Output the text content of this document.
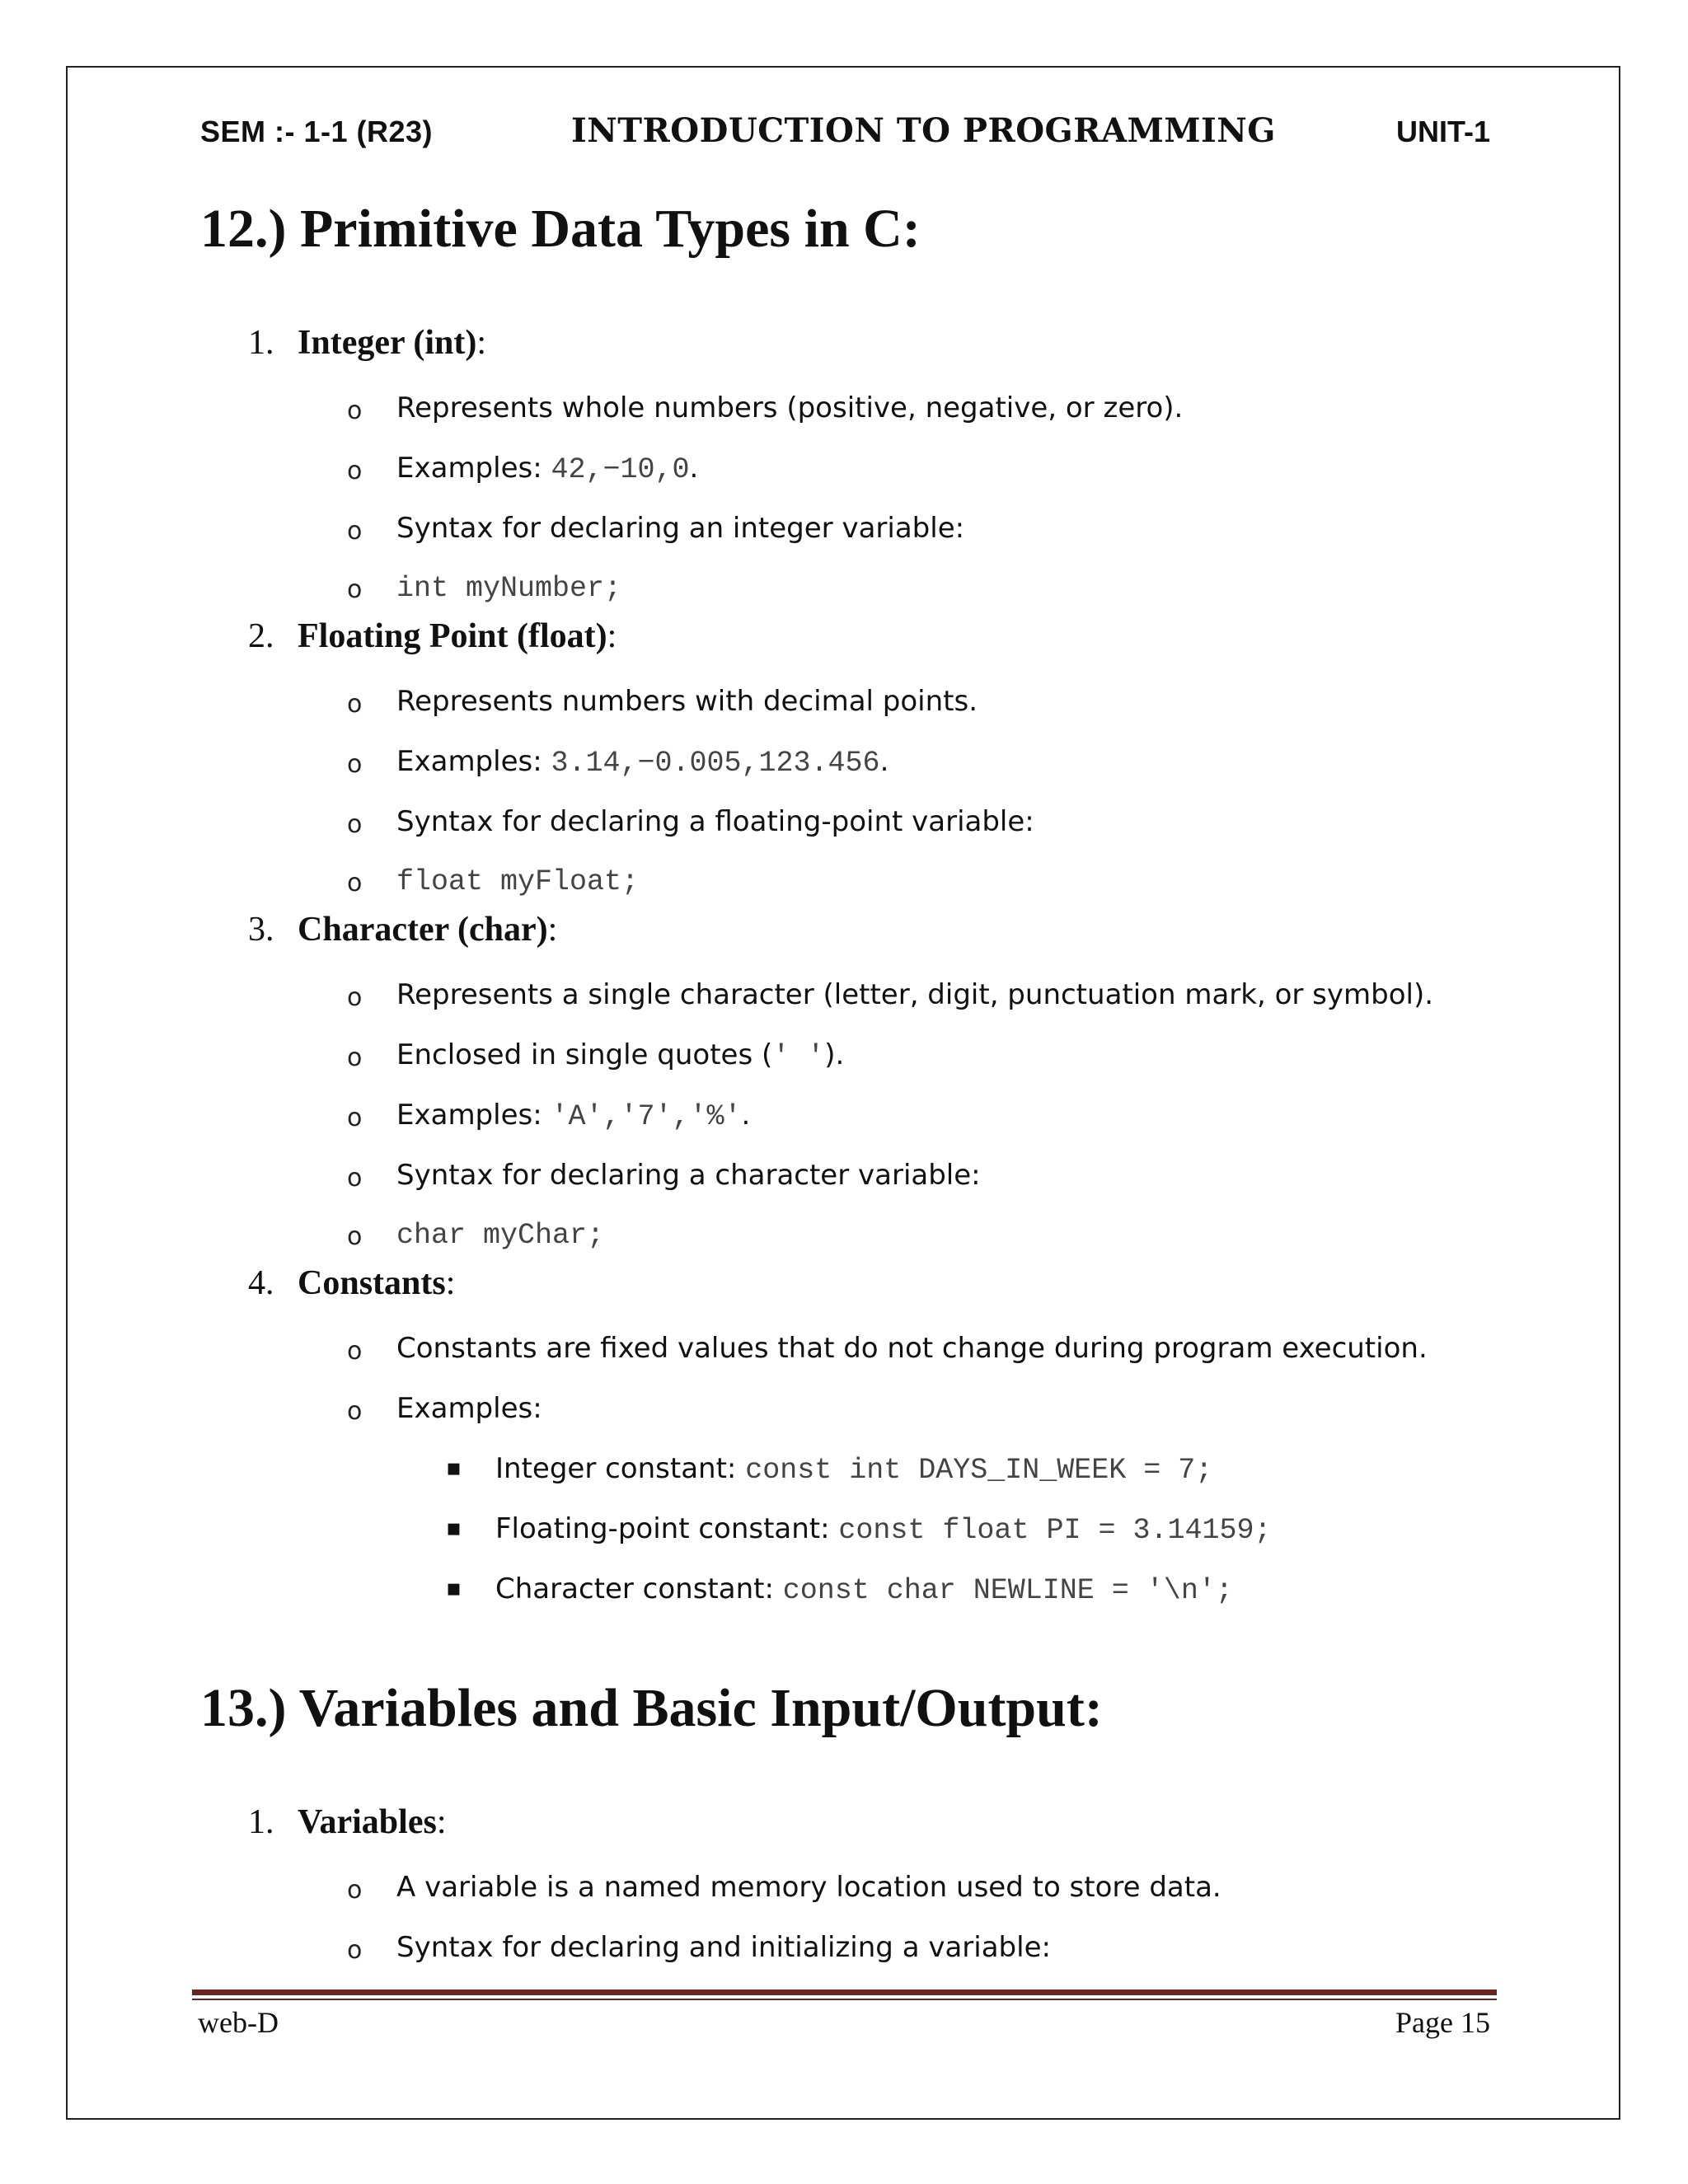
SEM :- 1-1 (R23)	INTRODUCTION TO PROGRAMMING	UNIT-1
12.) Primitive Data Types in C:
1. Integer (int):
o Represents whole numbers (positive, negative, or zero).
o Examples: 42,−10,0.
o Syntax for declaring an integer variable:
o int myNumber;
2. Floating Point (float):
o Represents numbers with decimal points.
o Examples: 3.14,−0.005,123.456.
o Syntax for declaring a floating-point variable:
o float myFloat;
3. Character (char):
o Represents a single character (letter, digit, punctuation mark, or symbol).
o Enclosed in single quotes (' ').
o Examples: 'A','7','%'.
o Syntax for declaring a character variable:
o char myChar;
4. Constants:
o Constants are fixed values that do not change during program execution.
o Examples:
▪ Integer constant: const int DAYS_IN_WEEK = 7;
▪ Floating-point constant: const float PI = 3.14159;
▪ Character constant: const char NEWLINE = '\n';
13.) Variables and Basic Input/Output:
1. Variables:
o A variable is a named memory location used to store data.
o Syntax for declaring and initializing a variable:
web-D	Page 15
